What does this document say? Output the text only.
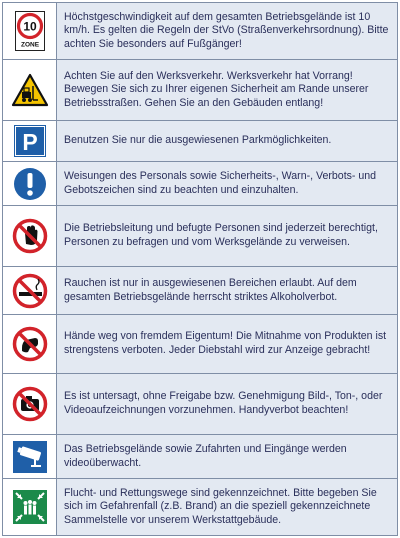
10
ZONE
Höchstgeschwindigkeit auf dem gesamten Betriebsgelände ist 10 km/h. Es gelten die Regeln der StVo (Straßenverkehrsordnung). Bitte achten Sie besonders auf Fußgänger!
Achten Sie auf den Werksverkehr. Werksverkehr hat Vorrang! Bewegen Sie sich zu Ihrer eigenen Sicherheit am Rande unserer Betriebsstraßen. Gehen Sie an den Gebäuden entlang!
P	Benutzen Sie nur die ausgewiesenen Parkmöglichkeiten.
Weisungen des Personals sowie Sicherheits-, Warn-, Verbots- und Gebotszeichen sind zu beachten und einzuhalten.
Die Betriebsleitung und befugte Personen sind jederzeit berechtigt, Personen zu befragen und vom Werksgelände zu verweisen.
Rauchen ist nur in ausgewiesenen Bereichen erlaubt. Auf dem gesamten Betriebsgelände herrscht striktes Alkoholverbot.
Hände weg von fremdem Eigentum! Die Mitnahme von Produkten ist strengstens verboten. Jeder Diebstahl wird zur Anzeige gebracht!
Es ist untersagt, ohne Freigabe bzw. Genehmigung Bild-, Ton-, oder Videoaufzeichnungen vorzunehmen. Handyverbot beachten!
Das Betriebsgelände sowie Zufahrten und Eingänge werden videoüberwacht.
Flucht- und Rettungswege sind gekennzeichnet. Bitte begeben Sie sich im Gefahrenfall (z.B. Brand) an die speziell gekennzeichnete Sammelstelle vor unserem Werkstattgebäude.
